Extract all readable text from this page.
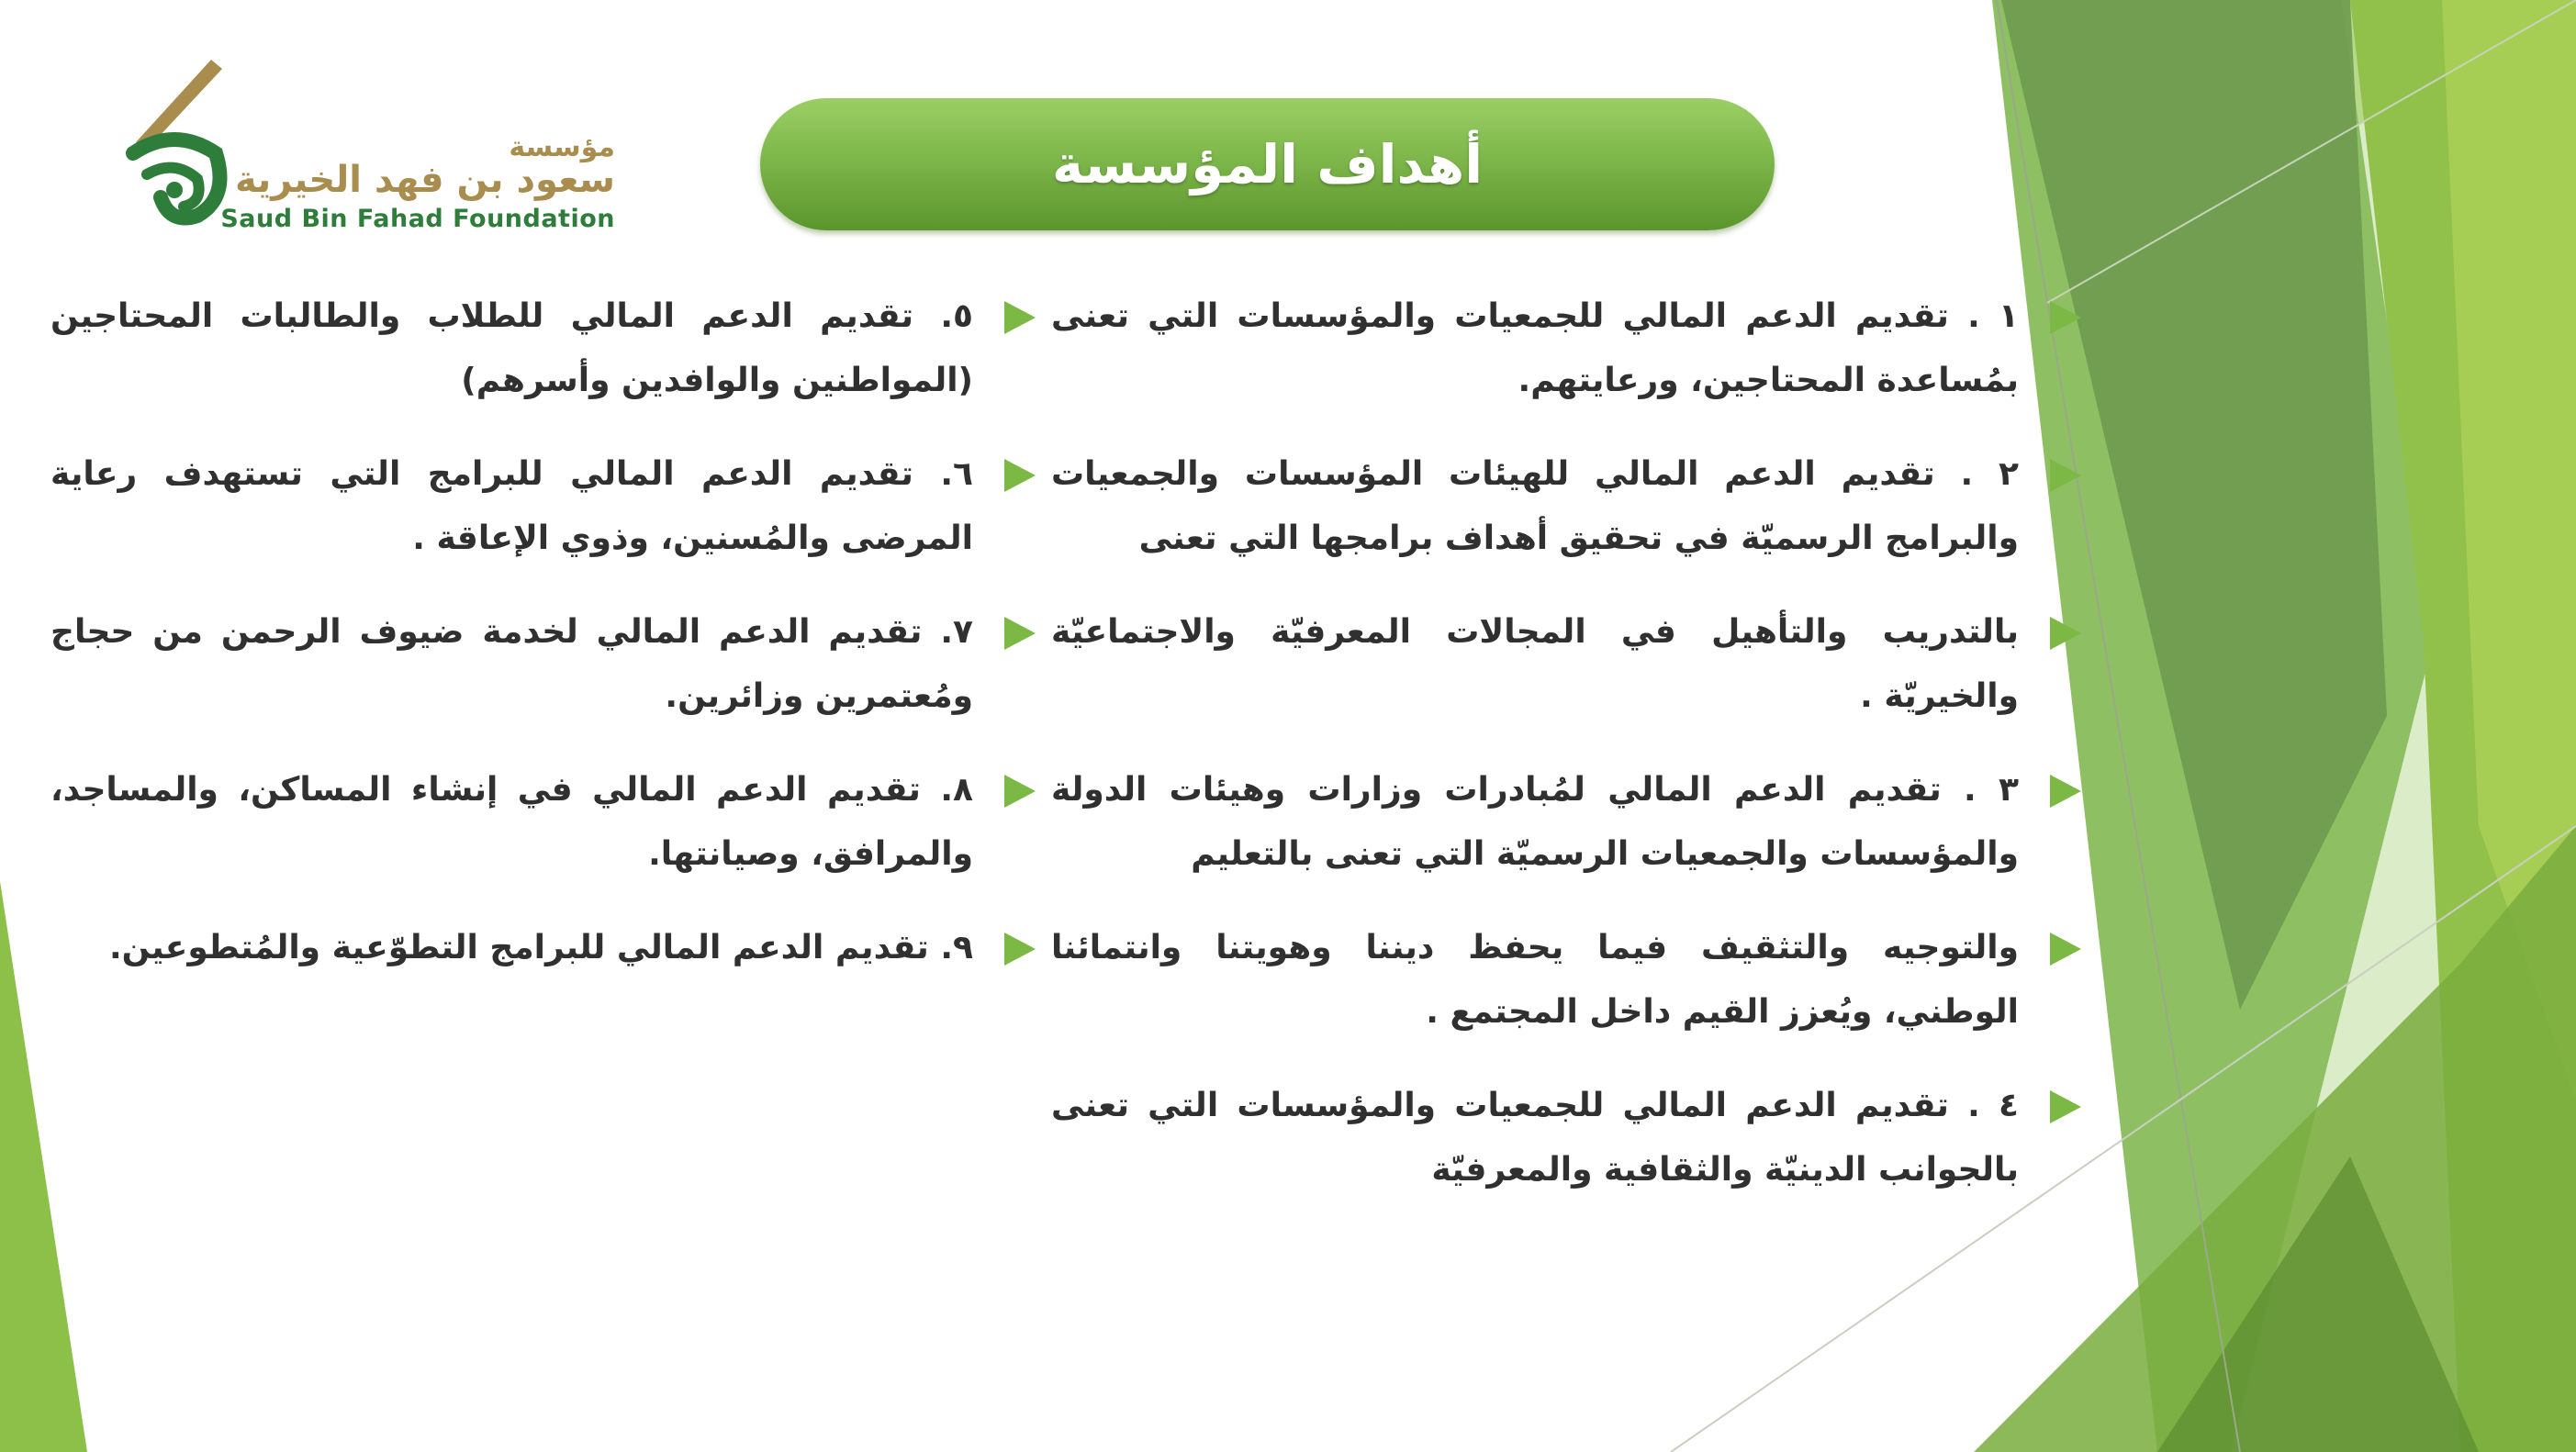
مؤسسة
سعود بن فهد الخيرية
Saud Bin Fahad Foundation
أهداف المؤسسة
١ . تقديم الدعم المالي للجمعيات والمؤسسات التي تعنى بمُساعدة المحتاجين، ورعايتهم.
٢ . تقديم الدعم المالي للهيئات المؤسسات والجمعيات والبرامج الرسميّة في تحقيق أهداف برامجها التي تعنى
بالتدريب والتأهيل في المجالات المعرفيّة والاجتماعيّة والخيريّة .
٣ . تقديم الدعم المالي لمُبادرات وزارات وهيئات الدولة والمؤسسات والجمعيات الرسميّة التي تعنى بالتعليم
والتوجيه والتثقيف فيما يحفظ ديننا وهويتنا وانتمائنا الوطني، ويُعزز القيم داخل المجتمع .
٤ . تقديم الدعم المالي للجمعيات والمؤسسات التي تعنى بالجوانب الدينيّة والثقافية والمعرفيّة
٥. تقديم الدعم المالي للطلاب والطالبات المحتاجين (المواطنين والوافدين وأسرهم)
٦. تقديم الدعم المالي للبرامج التي تستهدف رعاية المرضى والمُسنين، وذوي الإعاقة .
٧. تقديم الدعم المالي لخدمة ضيوف الرحمن من حجاج ومُعتمرين وزائرين.
٨. تقديم الدعم المالي في إنشاء المساكن، والمساجد، والمرافق، وصيانتها.
٩. تقديم الدعم المالي للبرامج التطوّعية والمُتطوعين.
